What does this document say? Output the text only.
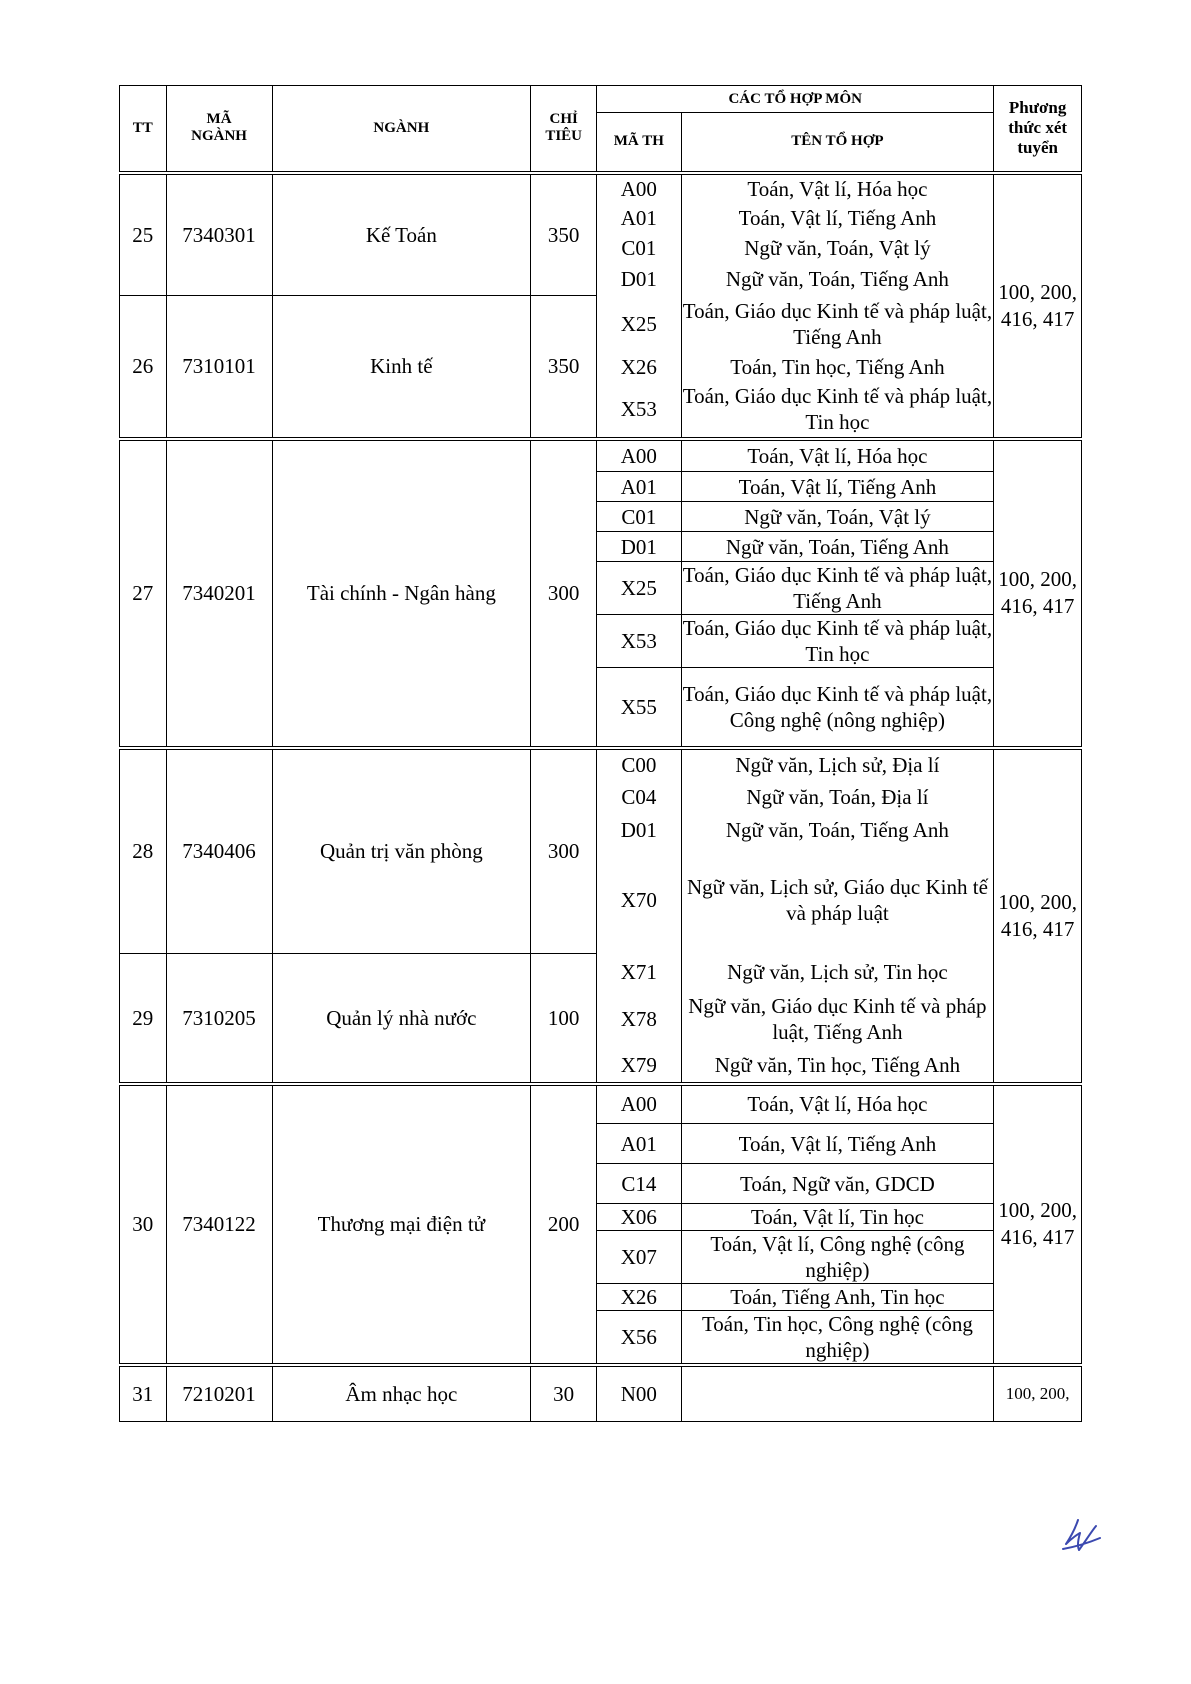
TT	MÃ NGÀNH	NGÀNH	CHỈ TIÊU	CÁC TỔ HỢP MÔN		Phương thức xét tuyển
				MÃ TH	TÊN TỔ HỢP	
25	7340301	Kế Toán	350	A00	Toán, Vật lí, Hóa học	100, 200, 416, 417
				A01	Toán, Vật lí, Tiếng Anh	
				C01	Ngữ văn, Toán, Vật lý	
				D01	Ngữ văn, Toán, Tiếng Anh	
26	7310101	Kinh tế	350	X25	Toán, Giáo dục Kinh tế và pháp luật, Tiếng Anh	
				X26	Toán, Tin học, Tiếng Anh	
				X53	Toán, Giáo dục Kinh tế và pháp luật, Tin học	
27	7340201	Tài chính - Ngân hàng	300	A00	Toán, Vật lí, Hóa học	100, 200, 416, 417
				A01	Toán, Vật lí, Tiếng Anh	
				C01	Ngữ văn, Toán, Vật lý	
				D01	Ngữ văn, Toán, Tiếng Anh	
				X25	Toán, Giáo dục Kinh tế và pháp luật, Tiếng Anh	
				X53	Toán, Giáo dục Kinh tế và pháp luật, Tin học	
				X55	Toán, Giáo dục Kinh tế và pháp luật, Công nghệ (nông nghiệp)	
28	7340406	Quản trị văn phòng	300	C00	Ngữ văn, Lịch sử, Địa lí	100, 200, 416, 417
				C04	Ngữ văn, Toán, Địa lí	
				D01	Ngữ văn, Toán, Tiếng Anh	
				X70	Ngữ văn, Lịch sử, Giáo dục Kinh tế và pháp luật	
29	7310205	Quản lý nhà nước	100	X71	Ngữ văn, Lịch sử, Tin học	
				X78	Ngữ văn, Giáo dục Kinh tế và pháp luật, Tiếng Anh	
				X79	Ngữ văn, Tin học, Tiếng Anh	
30	7340122	Thương mại điện tử	200	A00	Toán, Vật lí, Hóa học	100, 200, 416, 417
				A01	Toán, Vật lí, Tiếng Anh	
				C14	Toán, Ngữ văn, GDCD	
				X06	Toán, Vật lí, Tin học	
				X07	Toán, Vật lí, Công nghệ (công nghiệp)	
				X26	Toán, Tiếng Anh, Tin học	
				X56	Toán, Tin học, Công nghệ (công nghiệp)	
31	7210201	Âm nhạc học	30	N00		100, 200,
